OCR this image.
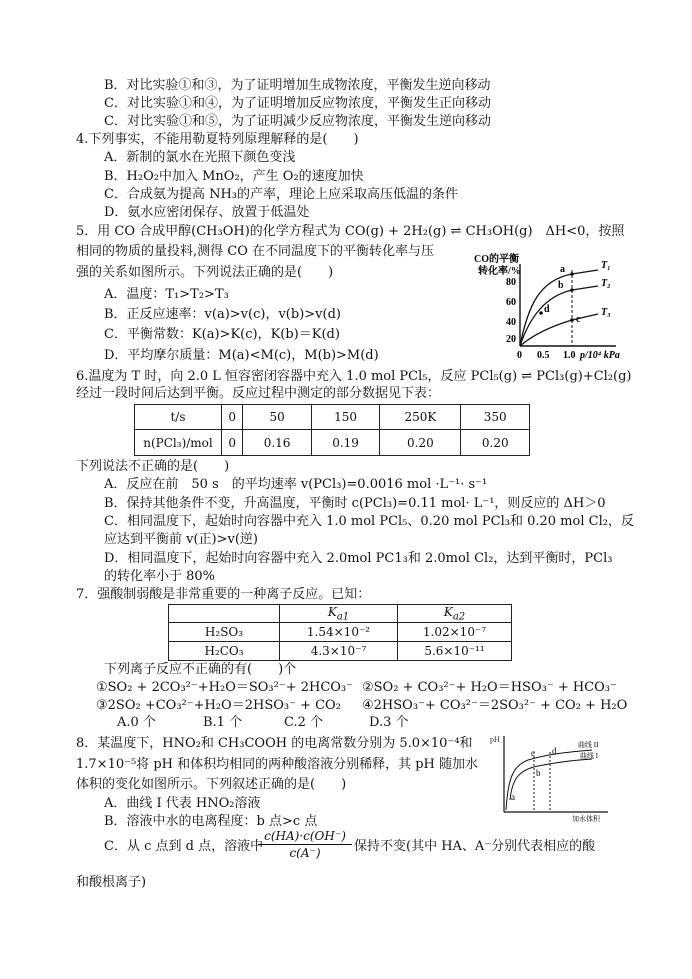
B．对比实验①和③，为了证明增加生成物浓度，平衡发生逆向移动
C．对比实验①和④，为了证明增加反应物浓度，平衡发生正向移动
C．对比实验①和⑤，为了证明减少反应物浓度，平衡发生逆向移动
4.下列事实，不能用勒夏特列原理解释的是(　　)
A．新制的氯水在光照下颜色变浅
B．H₂O₂中加入 MnO₂，产生 O₂的速度加快
C．合成氨为提高 NH₃的产率，理论上应采取高压低温的条件
D．氨水应密闭保存、放置于低温处
5．用 CO 合成甲醇(CH₃OH)的化学方程式为 CO(g) + 2H₂(g) ⇌ CH₃OH(g)　ΔH<0，按照
相同的物质的量投料,测得 CO 在不同温度下的平衡转化率与压
强的关系如图所示。下列说法正确的是(　　)
A．温度：T₁>T₂>T₃
B．正反应速率：v(a)>v(c)，v(b)>v(d)
C．平衡常数：K(a)>K(c)，K(b)＝K(d)
D．平均摩尔质量：M(a)<M(c)，M(b)>M(d)
CO的平衡
转化率/%
80
60
40
20
0 0.5 1.0 p/10⁴ kPa
T₁
T₂
T₃
a
b
c
d
6.温度为 T 时，向 2.0 L 恒容密闭容器中充入 1.0 mol PCl₅，反应 PCl₅(g) ⇌ PCl₃(g)+Cl₂(g)
经过一段时间后达到平衡。反应过程中测定的部分数据见下表：
t/s	0	50	150	250K	350
n(PCl₃)/mol	0	0.16	0.19	0.20	0.20
下列说法不正确的是(　　)
A．反应在前　50 s　的平均速率 v(PCl₃)=0.0016 mol ·L⁻¹· s⁻¹
B．保持其他条件不变，升高温度，平衡时 c(PCl₃)=0.11 mol· L⁻¹，则反应的 ΔH＞0
C．相同温度下，起始时向容器中充入 1.0 mol PCl₅、0.20 mol PCl₃和 0.20 mol Cl₂，反
应达到平衡前 v(正)>v(逆)
D．相同温度下，起始时向容器中充入 2.0mol PC1₃和 2.0mol Cl₂，达到平衡时，PCl₃
的转化率小于 80%
7．强酸制弱酸是非常重要的一种离子反应。已知：
	$K_{a1}$	$K_{a2}$
H₂SO₃	1.54×10⁻²	1.02×10⁻⁷
H₂CO₃	4.3×10⁻⁷	5.6×10⁻¹¹
下列离子反应不正确的有(　　)个
①SO₂ + 2CO₃²⁻+H₂O＝SO₃²⁻+ 2HCO₃⁻ ②SO₂ + CO₃²⁻+ H₂O＝HSO₃⁻ + HCO₃⁻
③2SO₂ +CO₃²⁻+H₂O＝2HSO₃⁻ + CO₂ ④2HSO₃⁻+ CO₃²⁻＝2SO₃²⁻ + CO₂ + H₂O
A.0 个	B.1 个	C.2 个	D.3 个
8．某温度下，HNO₂和 CH₃COOH 的电离常数分别为 5.0×10⁻⁴和
1.7×10⁻⁵将 pH 和体积均相同的两种酸溶液分别稀释，其 pH 随加水
体积的变化如图所示。下列叙述正确的是(　　)
A．曲线 I 代表 HNO₂溶液
B．溶液中水的电离程度：b 点>c 点
C．从 c 点到 d 点，溶液中
$\frac{c(HA)\cdot c(OH^-)}{c(A^-)}$ 保持不变(其中 HA、A⁻分别代表相应的酸
和酸根离子)
pH
a
b
c d
曲线 II
曲线 I
加水体积
